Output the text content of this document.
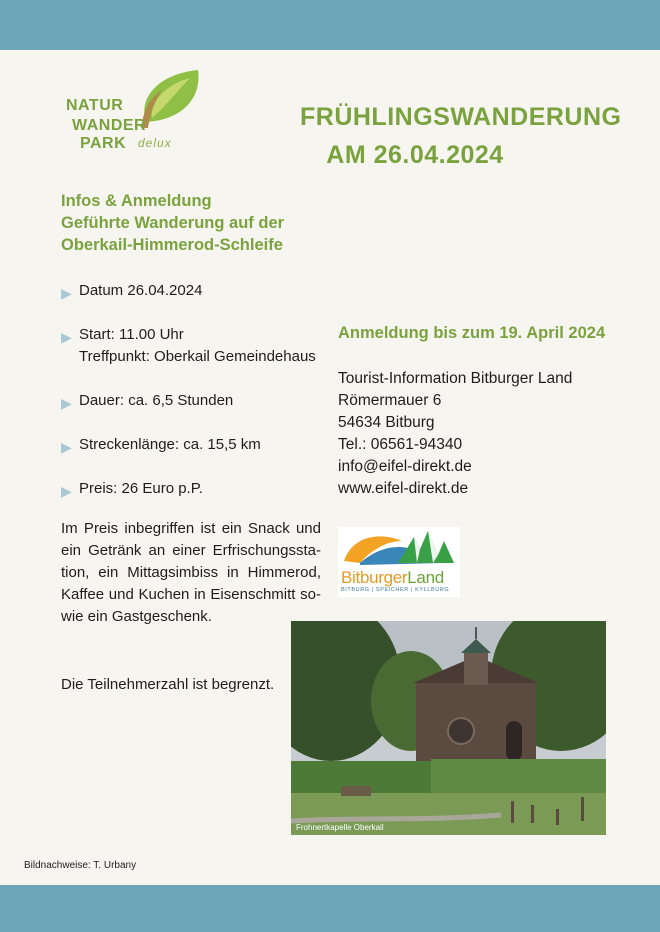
NATUR
WANDER
PARK delux
FRÜHLINGSWANDERUNG
AM 26.04.2024
Infos & Anmeldung
Geführte Wanderung auf der
Oberkail-Himmerod-Schleife
▶ Datum 26.04.2024
▶ Start: 11.00 Uhr
Treffpunkt: Oberkail Gemeindehaus
▶ Dauer: ca. 6,5 Stunden
▶ Streckenlänge: ca. 15,5 km
▶ Preis: 26 Euro p.P.
Im Preis inbegriffen ist ein Snack und ein Getränk an einer Erfrischungsstation, ein Mittagsimbiss in Himmerod, Kaffee und Kuchen in Eisenschmitt sowie ein Gastgeschenk.
Die Teilnehmerzahl ist begrenzt.
Anmeldung bis zum 19. April 2024
Tourist-Information Bitburger Land
Römermauer 6
54634 Bitburg
Tel.: 06561-94340
info@eifel-direkt.de
www.eifel-direkt.de
BitburgerLand
BITBURG | SPEICHER | KYLLBURG
Frohnertkapelle Oberkail
Bildnachweise: T. Urbany
